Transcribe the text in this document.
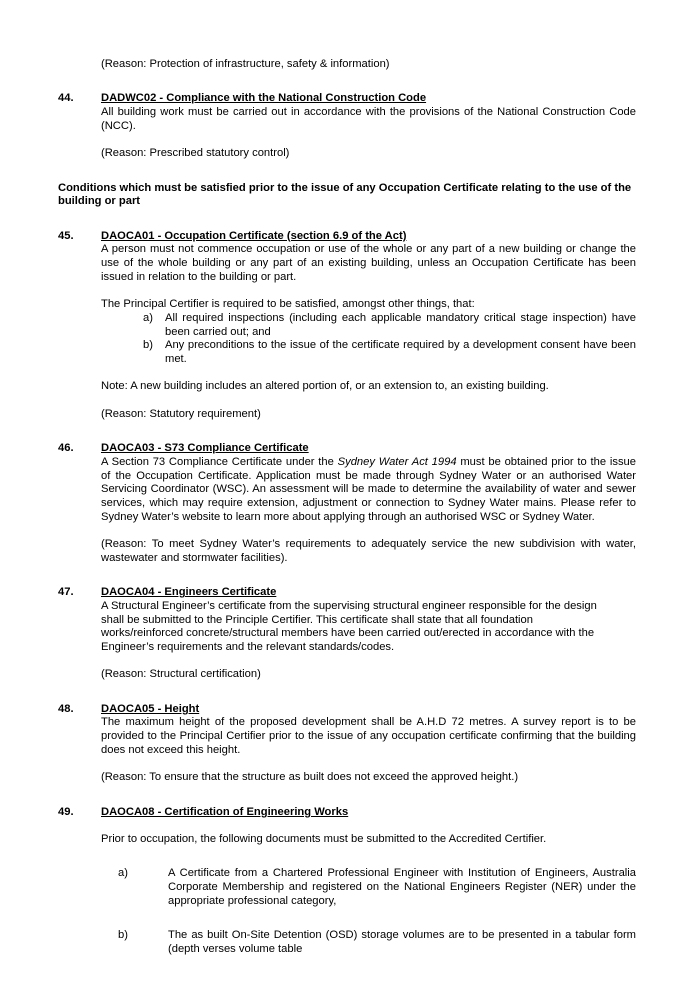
(Reason: Protection of infrastructure, safety & information)

44.	DADWC02 - Compliance with the National Construction Code

All building work must be carried out in accordance with the provisions of the National Construction Code (NCC).

(Reason: Prescribed statutory control)

Conditions which must be satisfied prior to the issue of any Occupation Certificate relating to the use of the building or part

45.	DAOCA01 - Occupation Certificate (section 6.9 of the Act)

A person must not commence occupation or use of the whole or any part of a new building or change the use of the whole building or any part of an existing building, unless an Occupation Certificate has been issued in relation to the building or part.

The Principal Certifier is required to be satisfied, amongst other things, that:

a)	All required inspections (including each applicable mandatory critical stage inspection) have been carried out; and
b)	Any preconditions to the issue of the certificate required by a development consent have been met.

Note: A new building includes an altered portion of, or an extension to, an existing building.

(Reason: Statutory requirement)

46.	DAOCA03 - S73 Compliance Certificate

A Section 73 Compliance Certificate under the Sydney Water Act 1994 must be obtained prior to the issue of the Occupation Certificate. Application must be made through Sydney Water or an authorised Water Servicing Coordinator (WSC). An assessment will be made to determine the availability of water and sewer services, which may require extension, adjustment or connection to Sydney Water mains. Please refer to Sydney Water’s website to learn more about applying through an authorised WSC or Sydney Water.

(Reason: To meet Sydney Water’s requirements to adequately service the new subdivision with water, wastewater and stormwater facilities).

47.	DAOCA04 - Engineers Certificate
A Structural Engineer’s certificate from the supervising structural engineer responsible for the design
shall be submitted to the Principle Certifier. This certificate shall state that all foundation
works/reinforced concrete/structural members have been carried out/erected in accordance with the
Engineer’s requirements and the relevant standards/codes.

(Reason: Structural certification)

48.	DAOCA05 - Height

The maximum height of the proposed development shall be A.H.D 72 metres. A survey report is to be provided to the Principal Certifier prior to the issue of any occupation certificate confirming that the building does not exceed this height.

(Reason: To ensure that the structure as built does not exceed the approved height.)

49.	DAOCA08 - Certification of Engineering Works

Prior to occupation, the following documents must be submitted to the Accredited Certifier.

a)	A Certificate from a Chartered Professional Engineer with Institution of Engineers, Australia Corporate Membership and registered on the National Engineers Register (NER) under the appropriate professional category,
b)	The as built On-Site Detention (OSD) storage volumes are to be presented in a tabular form (depth verses volume table
